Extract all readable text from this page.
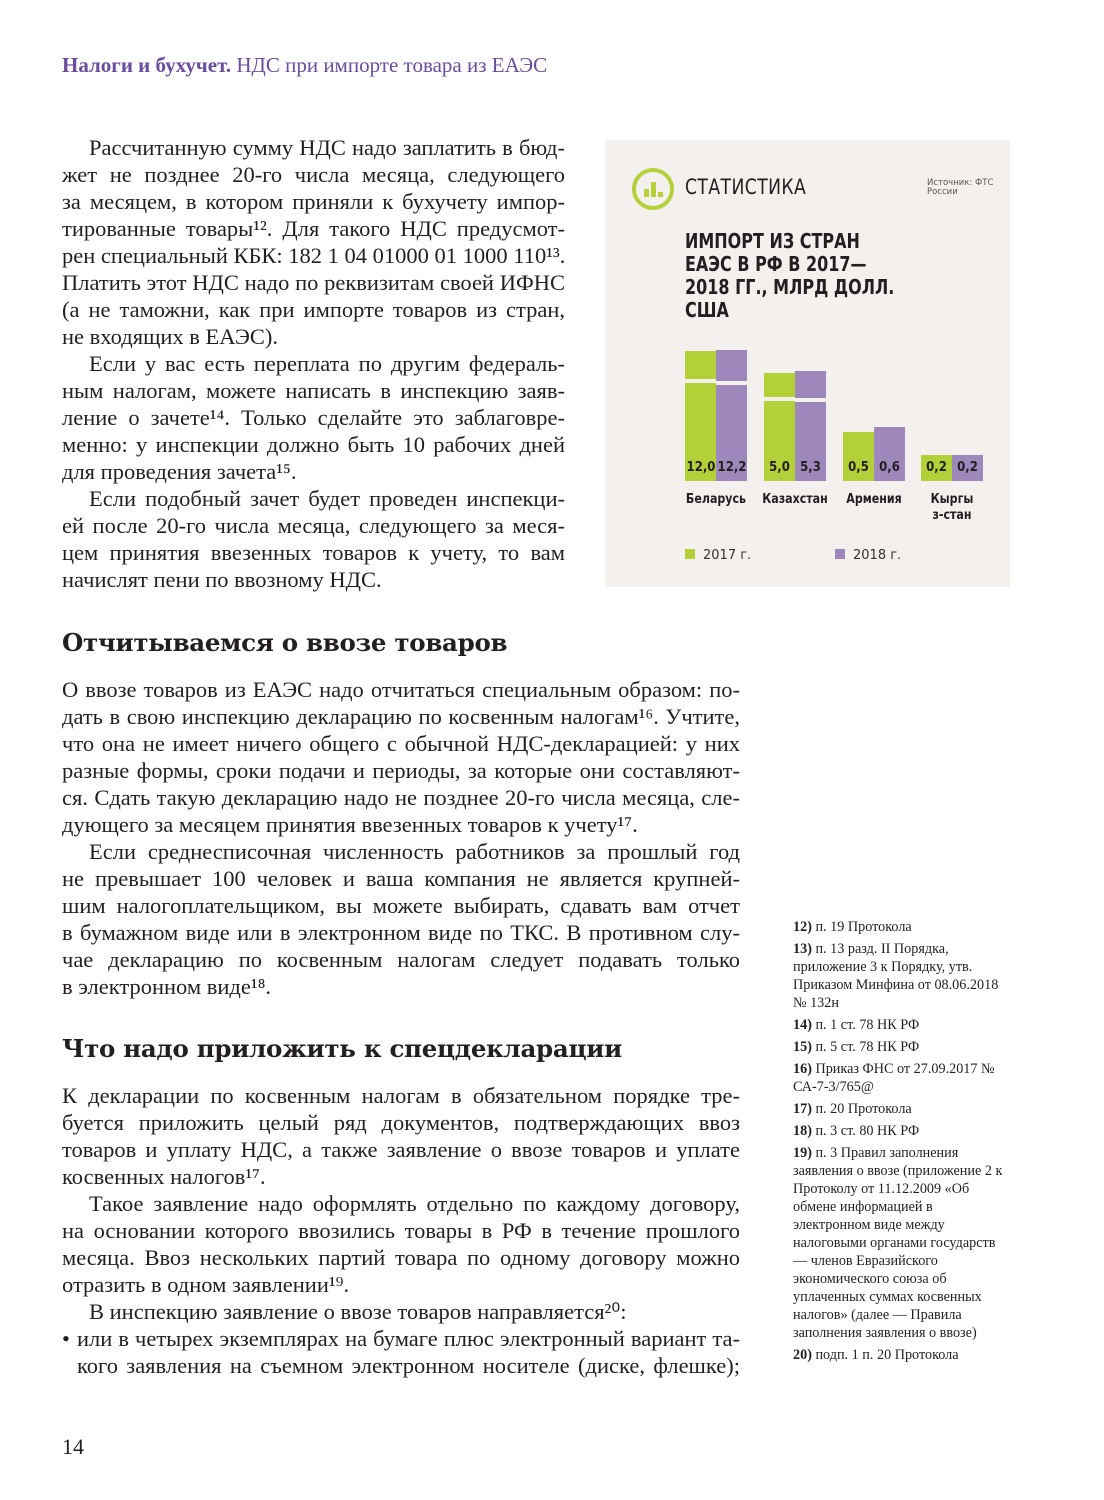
Налоги и бухучет. НДС при импорте товара из ЕАЭС
Рассчитанную сумму НДС надо заплатить в бюд-
жет не позднее 20-го числа месяца, следующего
за месяцем, в котором приняли к бухучету импор-
тированные товары¹². Для такого НДС предусмот-
рен специальный КБК: 182 1 04 01000 01 1000 110¹³.
Платить этот НДС надо по реквизитам своей ИФНС
(а не таможни, как при импорте товаров из стран,
не входящих в ЕАЭС).
Если у вас есть переплата по другим федераль-
ным налогам, можете написать в инспекцию заяв-
ление о зачете¹⁴. Только сделайте это заблаговре-
менно: у инспекции должно быть 10 рабочих дней
для проведения зачета¹⁵.
Если подобный зачет будет проведен инспекци-
ей после 20-го числа месяца, следующего за меся-
цем принятия ввезенных товаров к учету, то вам
начислят пени по ввозному НДС.
Отчитываемся о ввозе товаров
О ввозе товаров из ЕАЭС надо отчитаться специальным образом: по-
дать в свою инспекцию декларацию по косвенным налогам¹⁶. Учтите,
что она не имеет ничего общего с обычной НДС-декларацией: у них
разные формы, сроки подачи и периоды, за которые они составляют-
ся. Сдать такую декларацию надо не позднее 20-го числа месяца, сле-
дующего за месяцем принятия ввезенных товаров к учету¹⁷.
Если среднесписочная численность работников за прошлый год
не превышает 100 человек и ваша компания не является крупней-
шим налогоплательщиком, вы можете выбирать, сдавать вам отчет
в бумажном виде или в электронном виде по ТКС. В противном слу-
чае декларацию по косвенным налогам следует подавать только
в электронном виде¹⁸.
Что надо приложить к спецдекларации
К декларации по косвенным налогам в обязательном порядке тре-
буется приложить целый ряд документов, подтверждающих ввоз
товаров и уплату НДС, а также заявление о ввозе товаров и уплате
косвенных налогов¹⁷.
Такое заявление надо оформлять отдельно по каждому договору,
на основании которого ввозились товары в РФ в течение прошлого
месяца. Ввоз нескольких партий товара по одному договору можно
отразить в одном заявлении¹⁹.
В инспекцию заявление о ввозе товаров направляется²⁰:
• или в четырех экземплярах на бумаге плюс электронный вариант та-
кого заявления на съемном электронном носителе (диске, флешке);
СТАТИСТИКА	Источник: ФТС России
ИМПОРТ ИЗ СТРАН ЕАЭС В РФ В 2017—2018 ГГ., МЛРД ДОЛЛ. США
12,0 12,2
Беларусь
5,0 5,3
Казахстан
0,5 0,6
Армения
0,2 0,2
Кыргыз-стан
2017 г.	2018 г.
12) п. 19 Протокола
13) п. 13 разд. II Порядка, приложение 3 к Порядку, утв. Приказом Минфина от 08.06.2018 № 132н
14) п. 1 ст. 78 НК РФ
15) п. 5 ст. 78 НК РФ
16) Приказ ФНС от 27.09.2017 № СА-7-3/765@
17) п. 20 Протокола
18) п. 3 ст. 80 НК РФ
19) п. 3 Правил заполнения заявления о ввозе (приложение 2 к Протоколу от 11.12.2009 «Об обмене информацией в электронном виде между налоговыми органами государств — членов Евразийского экономического союза об уплаченных суммах косвенных налогов» (далее — Правила заполнения заявления о ввозе)
20) подп. 1 п. 20 Протокола
14
